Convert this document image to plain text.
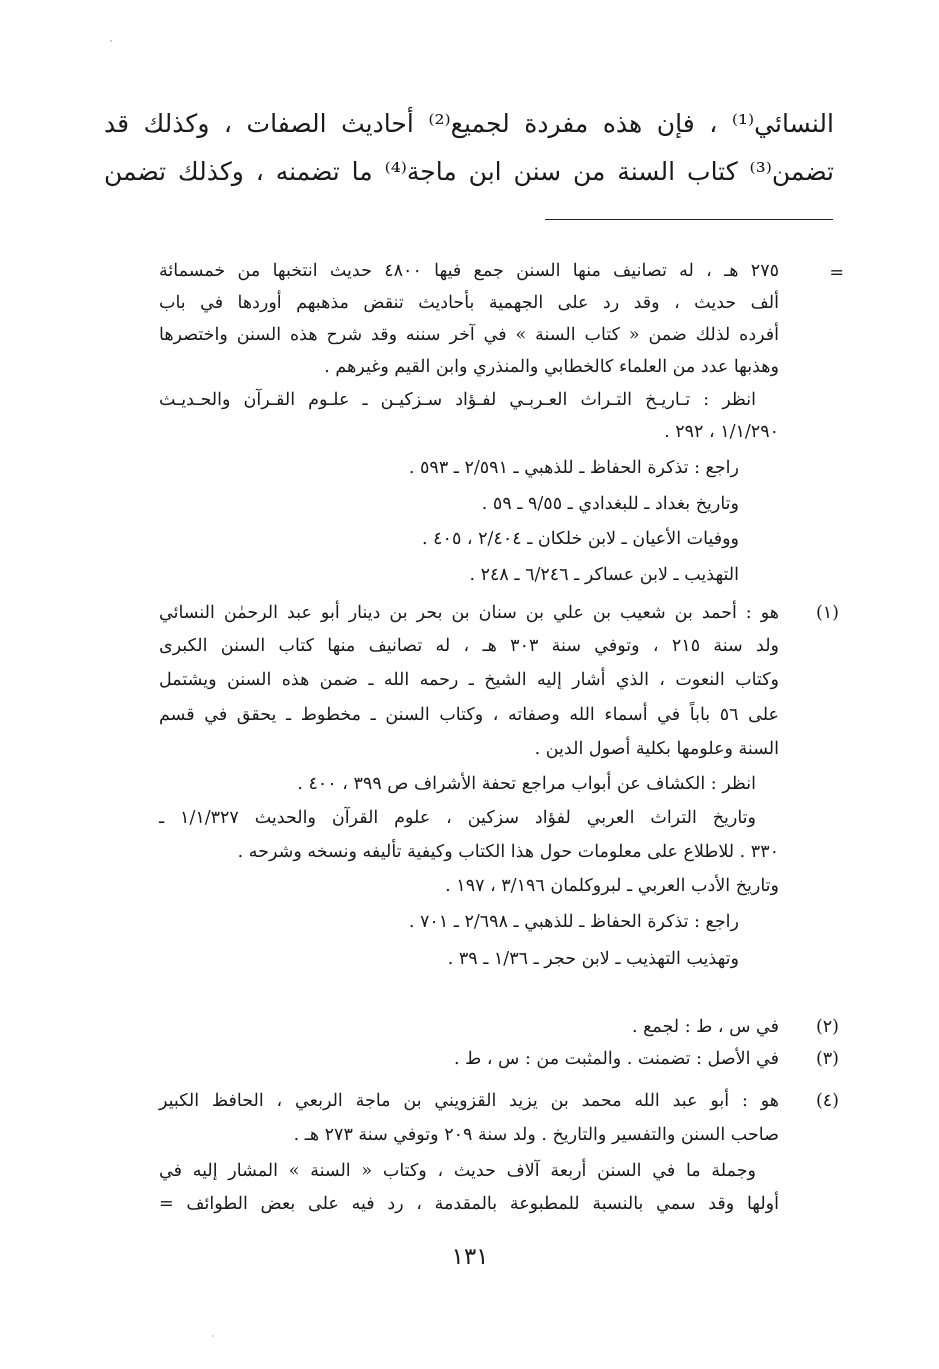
النسائي⁽¹⁾ ، فإن هذه مفردة لجميع⁽²⁾ أحاديث الصفات ، وكذلك قد
تضمن⁽³⁾ كتاب السنة من سنن ابن ماجة⁽⁴⁾ ما تضمنه ، وكذلك تضمن
=
٢٧٥ هـ ، له تصانيف منها السنن جمع فيها ٤٨٠٠ حديث انتخبها من خمسمائة
ألف حديث ، وقد رد على الجهمية بأحاديث تنقض مذهبهم أوردها في باب
أفرده لذلك ضمن « كتاب السنة » في آخر سننه وقد شرح هذه السنن واختصرها
وهذبها عدد من العلماء كالخطابي والمنذري وابن القيم وغيرهم .
انظر : تـاريـخ التـراث العـربـي لفـؤاد سـزكيـن ـ علـوم القـرآن والحـديـث
١/١/٢٩٠ ، ٢٩٢ .
راجع : تذكرة الحفاظ ـ للذهبي ـ ٢/٥٩١ ـ ٥٩٣ .
وتاريخ بغداد ـ للبغدادي ـ ٩/٥٥ ـ ٥٩ .
ووفيات الأعيان ـ لابن خلكان ـ ٢/٤٠٤ ، ٤٠٥ .
التهذيب ـ لابن عساكر ـ ٦/٢٤٦ ـ ٢٤٨ .
(١)
هو : أحمد بن شعيب بن علي بن سنان بن بحر بن دينار أبو عبد الرحمٰن النسائي
ولد سنة ٢١٥ ، وتوفي سنة ٣٠٣ هـ ، له تصانيف منها كتاب السنن الكبرى
وكتاب النعوت ، الذي أشار إليه الشيخ ـ رحمه الله ـ ضمن هذه السنن ويشتمل
على ٥٦ باباً في أسماء الله وصفاته ، وكتاب السنن ـ مخطوط ـ يحقق في قسم
السنة وعلومها بكلية أصول الدين .
انظر : الكشاف عن أبواب مراجع تحفة الأشراف ص ٣٩٩ ، ٤٠٠ .
وتاريخ التراث العربي لفؤاد سزكين ، علوم القرآن والحديث ١/١/٣٢٧ ـ
٣٣٠ . للاطلاع على معلومات حول هذا الكتاب وكيفية تأليفه ونسخه وشرحه .
وتاريخ الأدب العربي ـ لبروكلمان ٣/١٩٦ ، ١٩٧ .
راجع : تذكرة الحفاظ ـ للذهبي ـ ٢/٦٩٨ ـ ٧٠١ .
وتهذيب التهذيب ـ لابن حجر ـ ١/٣٦ ـ ٣٩ .
(٢)
في س ، ط : لجمع .
(٣)
في الأصل : تضمنت . والمثبت من : س ، ط .
(٤)
هو : أبو عبد الله محمد بن يزيد القزويني بن ماجة الربعي ، الحافظ الكبير
صاحب السنن والتفسير والتاريخ . ولد سنة ٢٠٩ وتوفي سنة ٢٧٣ هـ .
وجملة ما في السنن أربعة آلاف حديث ، وكتاب « السنة » المشار إليه في
أولها وقد سمي بالنسبة للمطبوعة بالمقدمة ، رد فيه على بعض الطوائف =
١٣١
